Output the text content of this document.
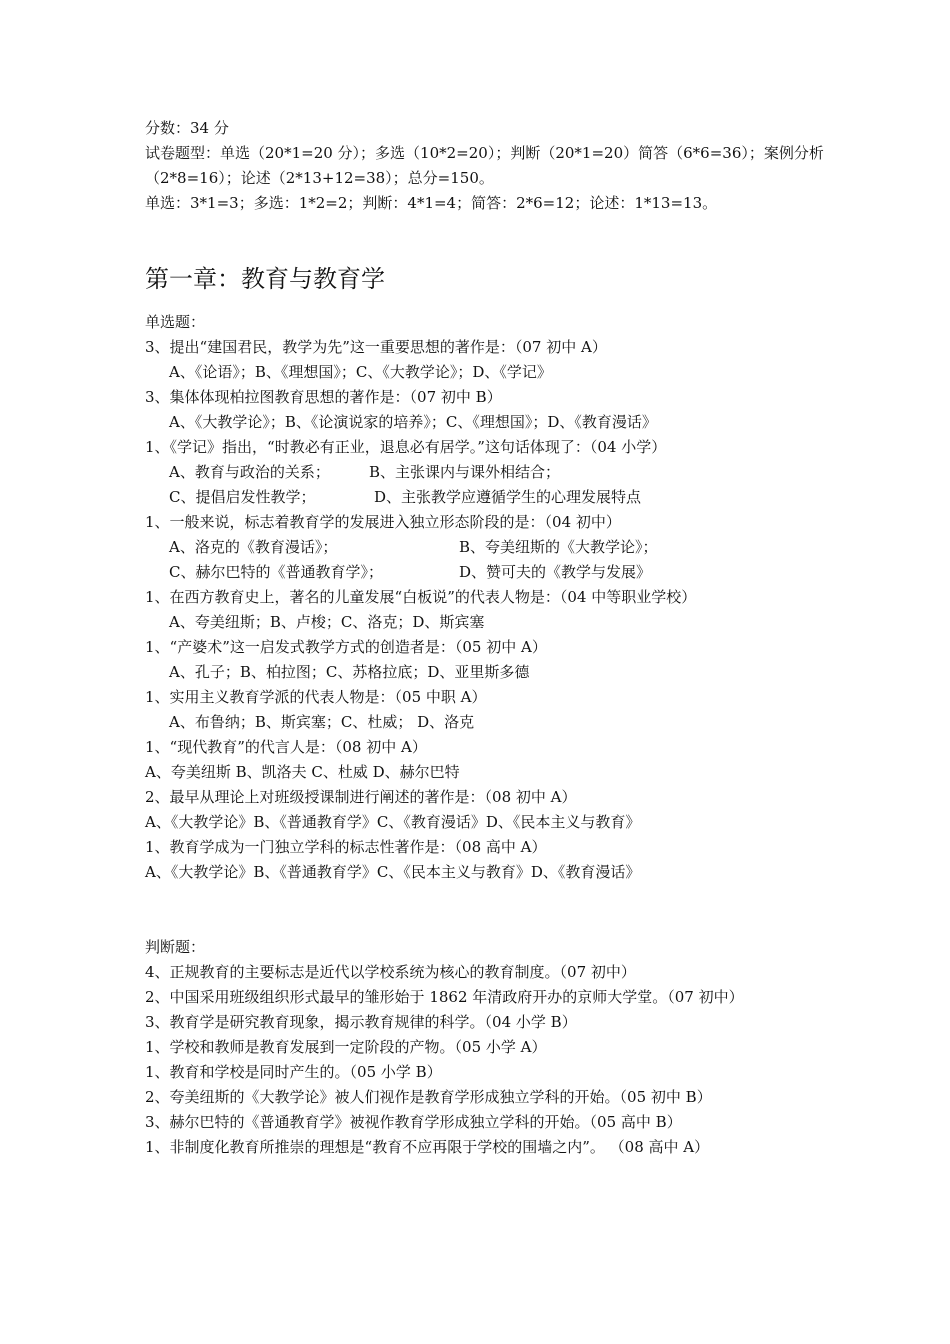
分数：34 分
试卷题型：单选（20*1=20 分）；多选（10*2=20）；判断（20*1=20）简答（6*6=36）；案例分析（2*8=16）；论述（2*13+12=38）；总分=150。
单选：3*1=3；多选：1*2=2；判断：4*1=4；简答：2*6=12；论述：1*13=13。
第一章：教育与教育学
单选题：
3、提出“建国君民，教学为先”这一重要思想的著作是：（07 初中 A）
A、《论语》；B、《理想国》；C、《大教学论》；D、《学记》
3、集体体现柏拉图教育思想的著作是：（07 初中 B）
A、《大教学论》；B、《论演说家的培养》；C、《理想国》；D、《教育漫话》
1、《学记》指出，“时教必有正业，退息必有居学。”这句话体现了：（04 小学）
A、教育与政治的关系；	B、主张课内与课外相结合；
C、提倡启发性教学；	D、主张教学应遵循学生的心理发展特点
1、一般来说，标志着教育学的发展进入独立形态阶段的是：（04 初中）
A、洛克的《教育漫话》；	B、夸美纽斯的《大教学论》；
C、赫尔巴特的《普通教育学》；	D、赞可夫的《教学与发展》
1、在西方教育史上，著名的儿童发展“白板说”的代表人物是：（04 中等职业学校）
A、夸美纽斯；B、卢梭；C、洛克；D、斯宾塞
1、“产婆术”这一启发式教学方式的创造者是：（05 初中 A）
A、孔子；B、柏拉图；C、苏格拉底；D、亚里斯多德
1、实用主义教育学派的代表人物是：（05 中职 A）
A、布鲁纳；B、斯宾塞；C、杜威； D、洛克
1、“现代教育”的代言人是：（08 初中 A）
A、夸美纽斯 B、凯洛夫 C、杜威 D、赫尔巴特
2、最早从理论上对班级授课制进行阐述的著作是：（08 初中 A）
A、《大教学论》B、《普通教育学》C、《教育漫话》D、《民本主义与教育》
1、教育学成为一门独立学科的标志性著作是：（08 高中 A）
A、《大教学论》B、《普通教育学》C、《民本主义与教育》D、《教育漫话》
判断题：
4、正规教育的主要标志是近代以学校系统为核心的教育制度。（07 初中）
2、中国采用班级组织形式最早的雏形始于 1862 年清政府开办的京师大学堂。（07 初中）
3、教育学是研究教育现象，揭示教育规律的科学。（04 小学 B）
1、学校和教师是教育发展到一定阶段的产物。（05 小学 A）
1、教育和学校是同时产生的。（05 小学 B）
2、夸美纽斯的《大教学论》被人们视作是教育学形成独立学科的开始。（05 初中 B）
3、赫尔巴特的《普通教育学》被视作教育学形成独立学科的开始。（05 高中 B）
1、非制度化教育所推崇的理想是“教育不应再限于学校的围墙之内”。 （08 高中 A）
